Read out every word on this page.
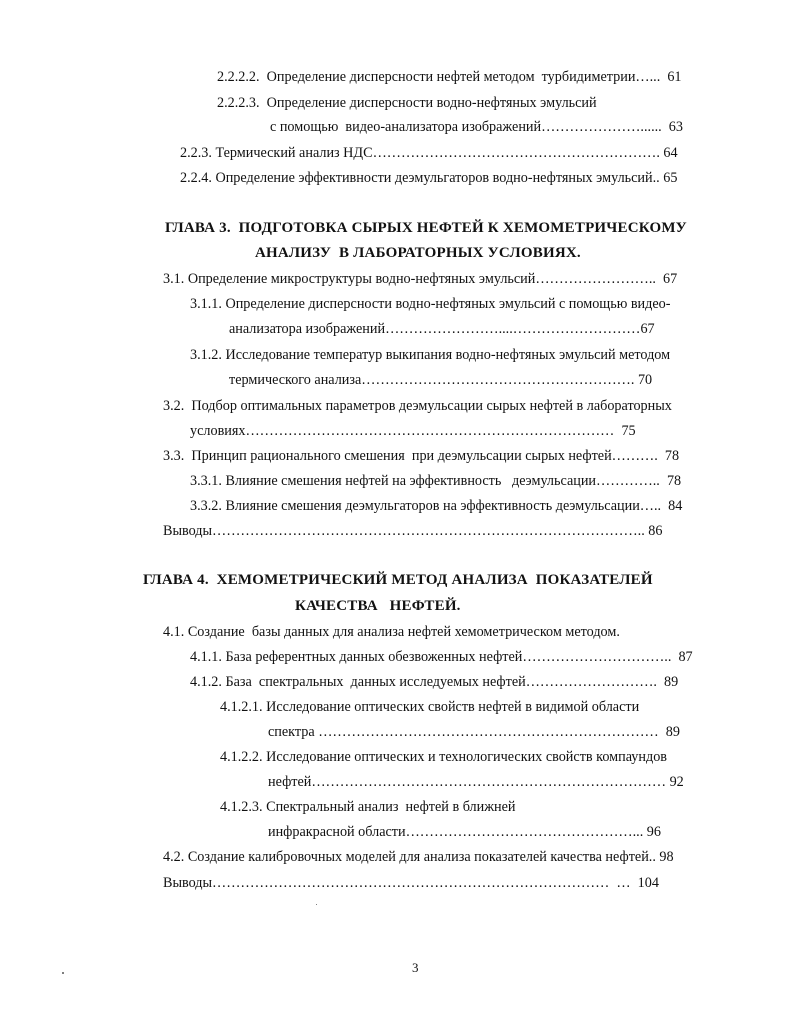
2.2.2.2.  Определение дисперсности нефтей методом  турбидиметрии…...  61
2.2.2.3.  Определение дисперсности водно-нефтяных эмульсий
с помощью  видео-анализатора изображений…………………......  63
2.2.3. Термический анализ НДС……………………………………………………. 64
2.2.4. Определение эффективности деэмульгаторов водно-нефтяных эмульсий.. 65
ГЛАВА 3.  ПОДГОТОВКА СЫРЫХ НЕФТЕЙ К ХЕМОМЕТРИЧЕСКОМУ
АНАЛИЗУ  В ЛАБОРАТОРНЫХ УСЛОВИЯХ.
3.1. Определение микроструктуры водно-нефтяных эмульсий……………………..  67
3.1.1. Определение дисперсности водно-нефтяных эмульсий с помощью видео-
анализатора изображений……………………....………………………67
3.1.2. Исследование температур выкипания водно-нефтяных эмульсий методом
термического анализа…………………………………………………. 70
3.2.  Подбор оптимальных параметров деэмульсации сырых нефтей в лабораторных
условиях……………………………………………………………………  75
3.3.  Принцип рационального смешения  при деэмульсации сырых нефтей……….  78
3.3.1. Влияние смешения нефтей на эффективность   деэмульсации…………..  78
3.3.2. Влияние смешения деэмульгаторов на эффективность деэмульсации…..  84
Выводы……………………………………………………………………………….. 86
ГЛАВА 4.  ХЕМОМЕТРИЧЕСКИЙ МЕТОД АНАЛИЗА  ПОКАЗАТЕЛЕЙ
КАЧЕСТВА   НЕФТЕЙ.
4.1. Создание  базы данных для анализа нефтей хемометрическом методом.
4.1.1. База референтных данных обезвоженных нефтей…………………………..  87
4.1.2. База  спектральных  данных исследуемых нефтей……………………….  89
4.1.2.1. Исследование оптических свойств нефтей в видимой области
спектра ………………………………………………………………  89
4.1.2.2. Исследование оптических и технологических свойств компаундов
нефтей………………………………………………………………… 92
4.1.2.3. Спектральный анализ  нефтей в ближней
инфракрасной области…………………………………………... 96
4.2. Создание калибровочных моделей для анализа показателей качества нефтей.. 98
Выводы…………………………………………………………………………  …  104
3
